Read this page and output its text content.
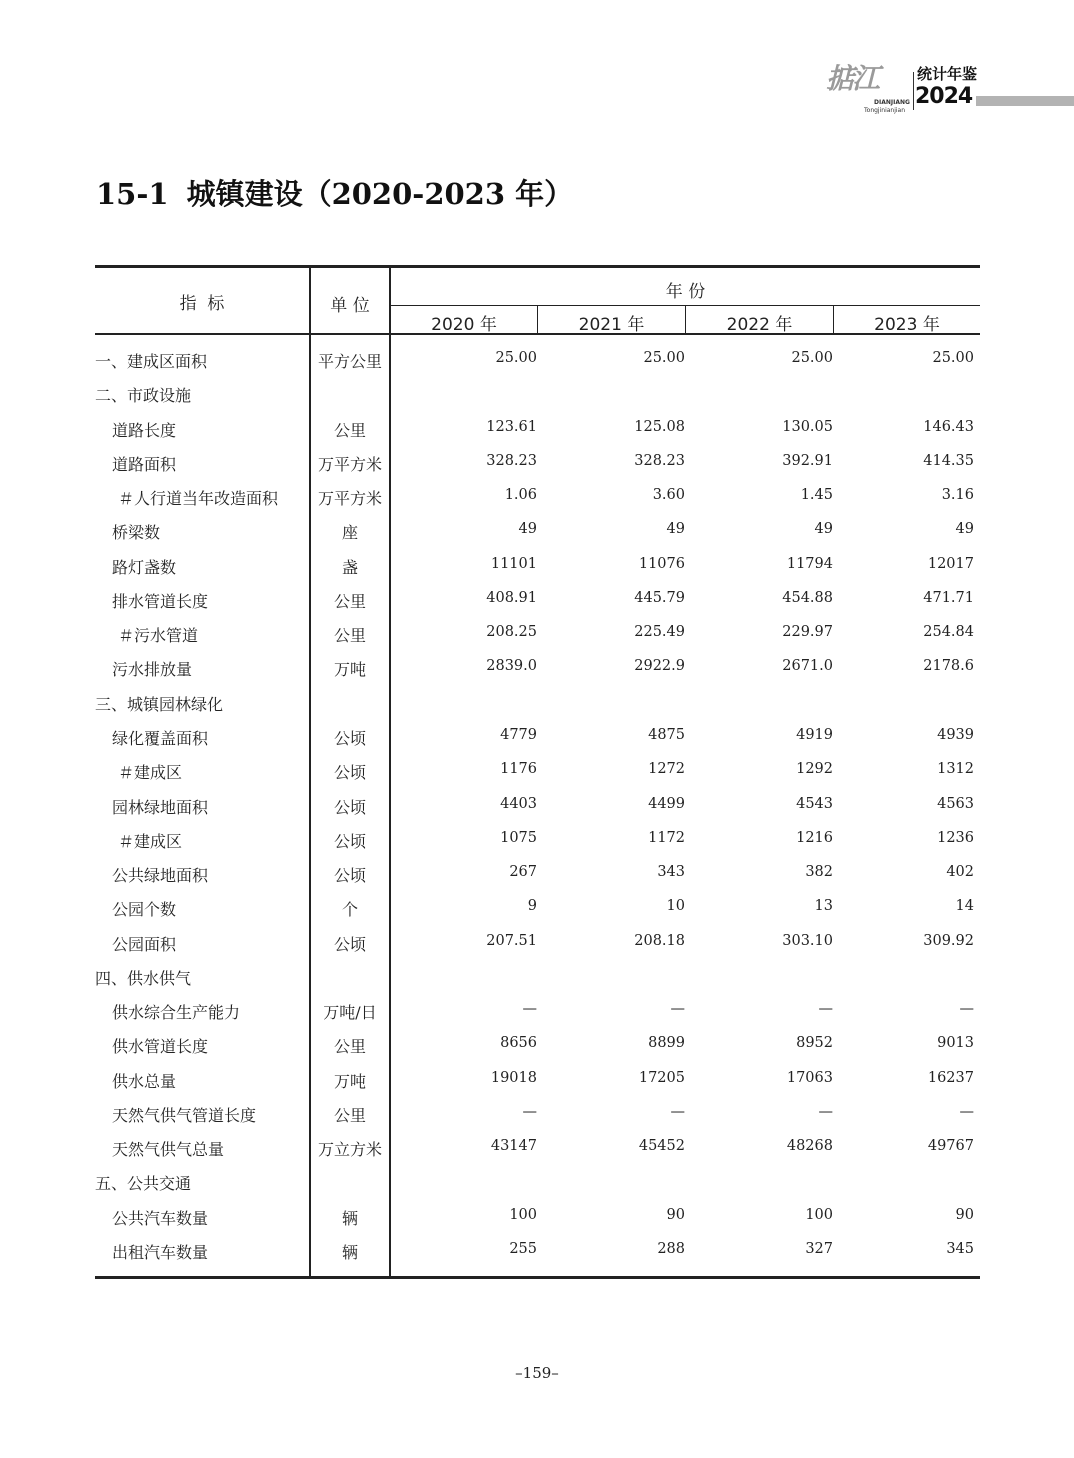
掂江
DIANJIANG
Tongjinianjian
统计年鉴
2024
15-1 城镇建设（2020-2023 年）
指  标	单 位
年 份
2020 年	2021 年	2022 年	2023 年
一、建成区面积	平方公里	25.00	25.00	25.00	25.00
二、市政设施
道路长度	公里	123.61	125.08	130.05	146.43
道路面积	万平方米	328.23	328.23	392.91	414.35
＃人行道当年改造面积	万平方米	1.06	3.60	1.45	3.16
桥梁数	座	49	49	49	49
路灯盏数	盏	11101	11076	11794	12017
排水管道长度	公里	408.91	445.79	454.88	471.71
＃污水管道	公里	208.25	225.49	229.97	254.84
污水排放量	万吨	2839.0	2922.9	2671.0	2178.6
三、城镇园林绿化
绿化覆盖面积	公顷	4779	4875	4919	4939
＃建成区	公顷	1176	1272	1292	1312
园林绿地面积	公顷	4403	4499	4543	4563
＃建成区	公顷	1075	1172	1216	1236
公共绿地面积	公顷	267	343	382	402
公园个数	个	9	10	13	14
公园面积	公顷	207.51	208.18	303.10	309.92
四、供水供气
供水综合生产能力	万吨/日	—	—	—	—
供水管道长度	公里	8656	8899	8952	9013
供水总量	万吨	19018	17205	17063	16237
天然气供气管道长度	公里	—	—	—	—
天然气供气总量	万立方米	43147	45452	48268	49767
五、公共交通
公共汽车数量	辆	100	90	100	90
出租汽车数量	辆	255	288	327	345
–159–
